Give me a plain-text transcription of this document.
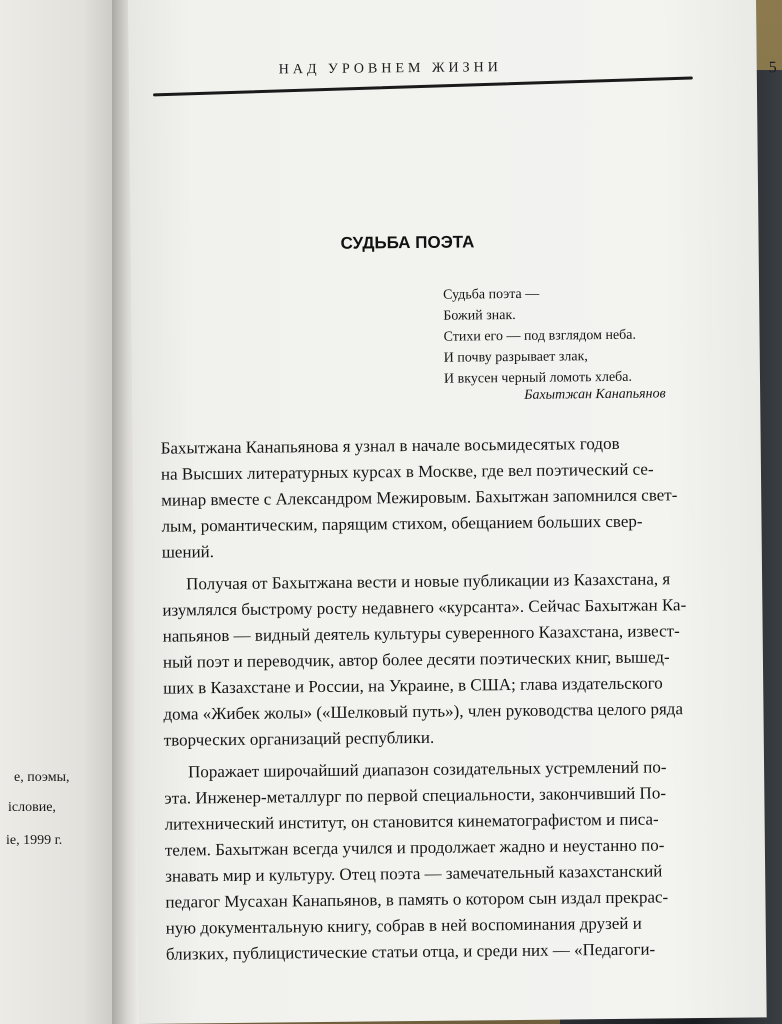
е, поэмы,
ісловие,
іе, 1999 г.
НАД УРОВНЕМ ЖИЗНИ	5
СУДЬБА ПОЭТА
Судьба поэта —
Божий знак.
Стихи его — под взглядом неба.
И почву разрывает злак,
И вкусен черный ломоть хлеба.
Бахытжан Канапьянов
Бахытжана Канапьянова я узнал в начале восьмидесятых годов
на Высших литературных курсах в Москве, где вел поэтический се-
минар вместе с Александром Межировым. Бахытжан запомнился свет-
лым, романтическим, парящим стихом, обещанием больших свер-
шений.
Получая от Бахытжана вести и новые публикации из Казахстана, я
изумлялся быстрому росту недавнего «курсанта». Сейчас Бахытжан Ка-
напьянов — видный деятель культуры суверенного Казахстана, извест-
ный поэт и переводчик, автор более десяти поэтических книг, вышед-
ших в Казахстане и России, на Украине, в США; глава издательского
дома «Жибек жолы» («Шелковый путь»), член руководства целого ряда
творческих организаций республики.
Поражает широчайший диапазон созидательных устремлений по-
эта. Инженер-металлург по первой специальности, закончивший По-
литехнический институт, он становится кинематографистом и писа-
телем. Бахытжан всегда учился и продолжает жадно и неустанно по-
знавать мир и культуру. Отец поэта — замечательный казахстанский
педагог Мусахан Канапьянов, в память о котором сын издал прекрас-
ную документальную книгу, собрав в ней воспоминания друзей и
близких, публицистические статьи отца, и среди них — «Педагоги-
